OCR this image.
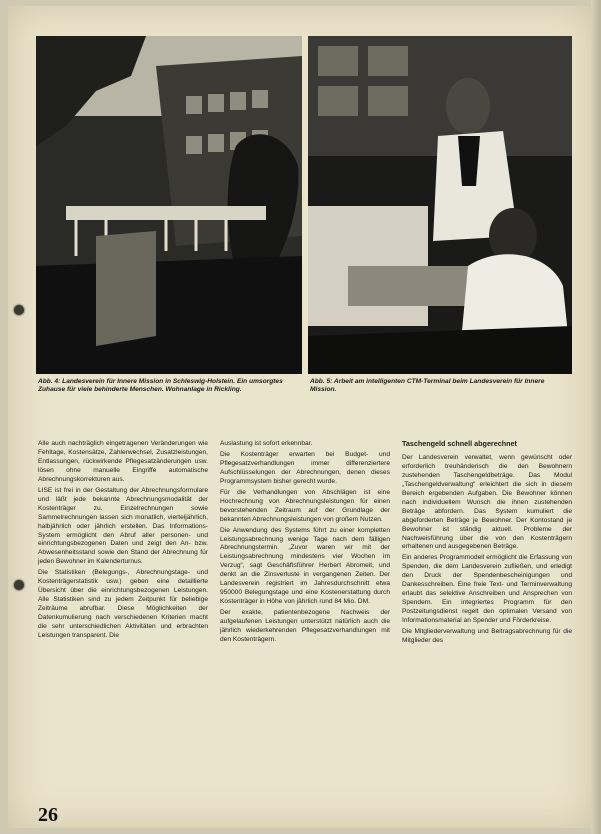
Abb. 4: Landesverein für Innere Mission in Schleswig-Holstein. Ein umsorgtes Zuhause für viele behinderte Menschen. Wohnanlage in Rickling.
Abb. 5: Arbeit am intelligenten CTM-Terminal beim Landesverein für Innere Mission.

Alle auch nachträglich eingetragenen Veränderungen wie Fehltage, Kostensätze, Zahlerwechsel, Zusatzleistungen, Entlassungen, rückwirkende Pflegesatzänderungen usw. lösen ohne manuelle Eingriffe automatische Abrechnungskorrekturen aus.

LISE ist frei in der Gestaltung der Abrechnungsformulare und läßt jede bekannte Abrechnungsmodalität der Kostenträger zu. Einzelrechnungen sowie Sammelrechnungen lassen sich monatlich, vierteljährlich, halbjährlich oder jährlich erstellen. Das Informations-System ermöglicht den Abruf aller personen- und einrichtungsbezogenen Daten und zeigt den An- bzw. Abwesenheitsstand sowie den Stand der Abrechnung für jeden Bewohner im Kalenderturnus.

Die Statistiken (Belegungs-, Abrechnungstage- und Kostenträgerstatistik usw.) geben eine detaillierte Übersicht über die einrichtungsbezogenen Leistungen. Alle Statistiken sind zu jedem Zeitpunkt für beliebige Zeiträume abrufbar. Diese Möglichkeiten der Datenkumulierung nach verschiedenen Kriterien macht die sehr unterschiedlichen Aktivitäten und erbrachten Leistungen transparent. Die

Auslastung ist sofort erkennbar.

Die Kostenträger erwarten bei Budget- und Pflegesatzverhandlungen immer differenziertere Aufschlüsselungen der Abrechnungen, denen dieses Programmsystem bisher gerecht wurde.

Für die Verhandlungen von Abschlägen ist eine Hochrechnung von Abrechnungsleistungen für einen bevorstehenden Zeitraum auf der Grundlage der bekannten Abrechnungsleistungen von großem Nutzen.

Die Anwendung des Systems führt zu einer kompletten Leistungsabrechnung wenige Tage nach dem fälligen Abrechnungstermin. „Zuvor waren wir mit der Leistungsabrechnung mindestens vier Wochen im Verzug“, sagt Geschäftsführer Herbert Abromeit, und denkt an die Zinsverluste in vergangenen Zeiten. Der Landesverein registriert im Jahresdurchschnitt etwa 950000 Belegungstage und eine Kostenerstattung durch Kostenträger in Höhe von jährlich rund 84 Mio. DM.

Der exakte, patientenbezogene Nachweis der aufgelaufenen Leistungen unterstützt natürlich auch die jährlich wiederkehrenden Pflegesatzverhandlungen mit den Kostenträgern.

Taschengeld schnell abgerechnet

Der Landesverein verwaltet, wenn gewünscht oder erforderlich treuhänderisch die den Bewohnern zustehenden Taschengeldbeträge. Das Modul „Taschengeldverwaltung“ erleichtert die sich in diesem Bereich ergebenden Aufgaben. Die Bewohner können nach individuellem Wunsch die ihnen zustehenden Beträge abfordern. Das System kumuliert die abgeforderten Beträge je Bewohner. Der Kontostand je Bewohner ist ständig aktuell. Probleme der Nachweisführung über die von den Kostenträgern erhaltenen und ausgegebenen Beträge.

Ein anderes Programmodell ermöglicht die Erfassung von Spenden, die dem Landesverein zufließen, und erledigt den Druck der Spendenbescheinigungen und Dankesschreiben. Eine freie Text- und Terminverwaltung erlaubt das selektive Anschreiben und Ansprechen von Spendern. Ein integriertes Programm für den Postzeitungsdienst regelt den optimalen Versand von Informationsmaterial an Spender und Förderkreise.

Die Mitgliederverwaltung und Beitragsabrechnung für die Mitglieder des

26
